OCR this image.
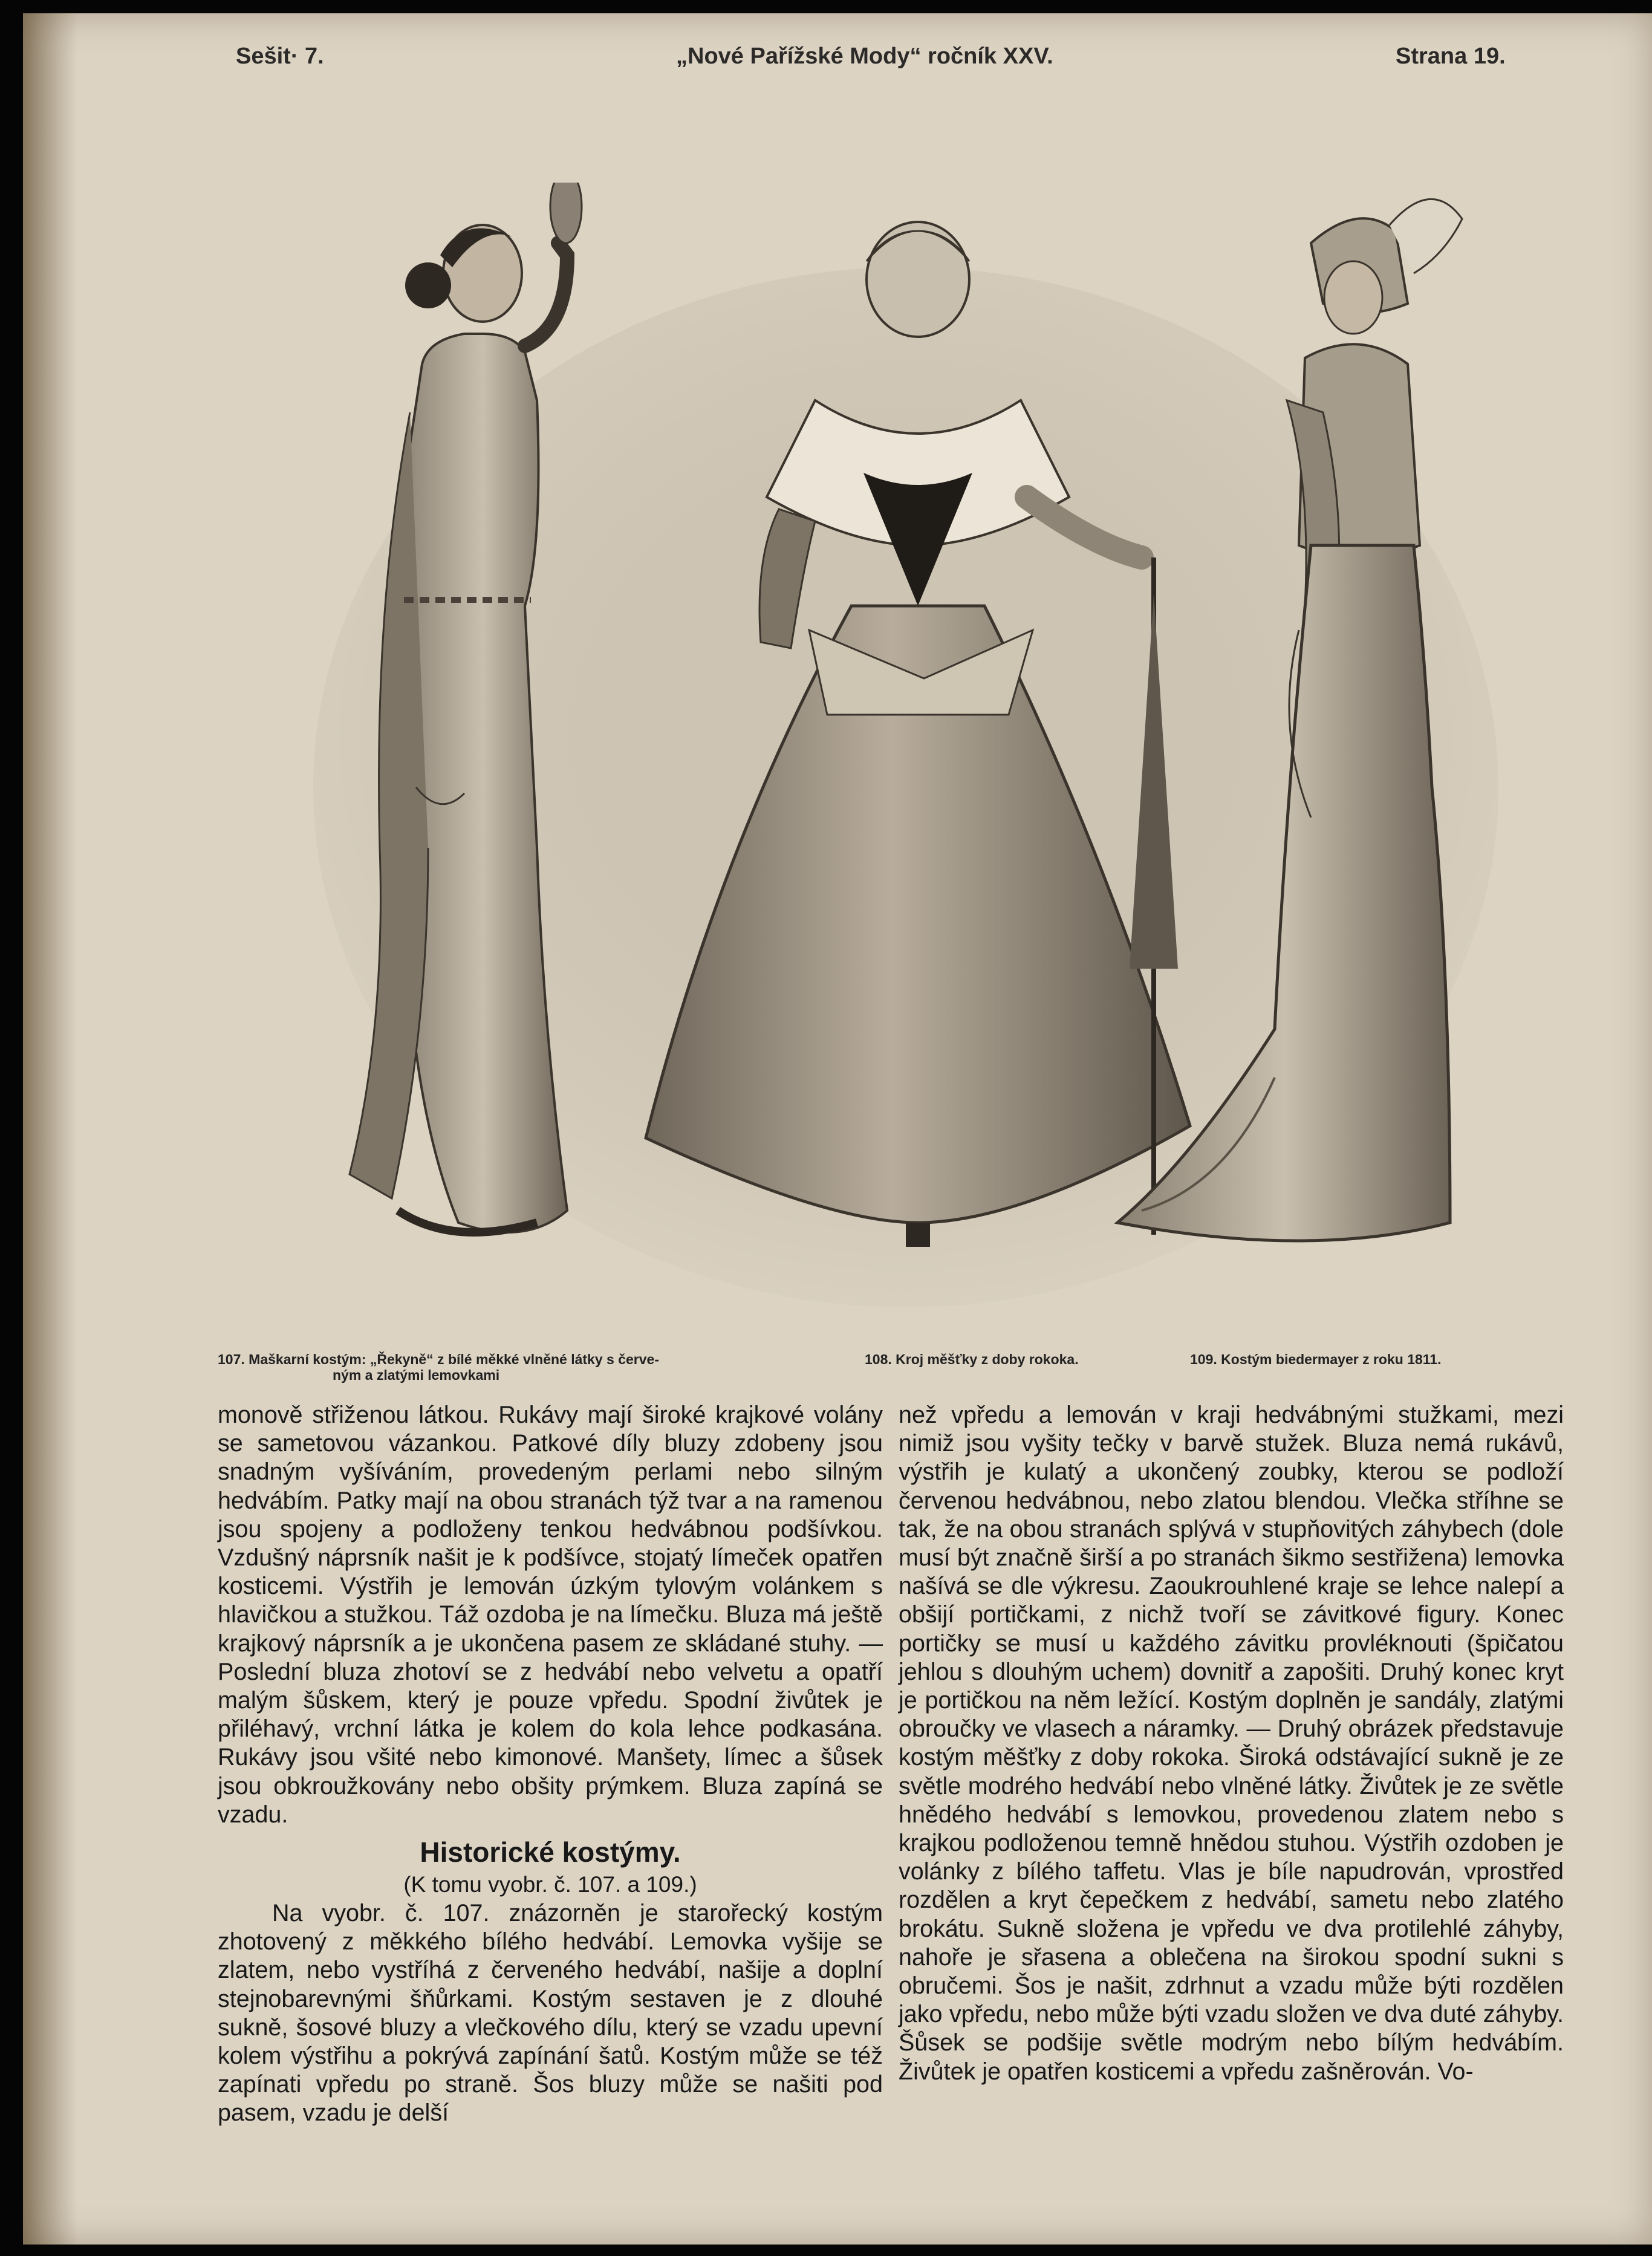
Sešit· 7.	„Nové Pařížské Mody“ ročník XXV.	Strana 19.
107. Maškarní kostým: „Řekyně“ z bílé měkké vlněné látky s červe-
ným a zlatými lemovkami
108. Kroj měšťky z doby rokoka.	109. Kostým biedermayer z roku 1811.

monově střiženou látkou. Rukávy mají široké krajkové volány se sametovou vázankou. Patkové díly bluzy zdobeny jsou snadným vyšíváním, provedeným perlami nebo silným hedvábím. Patky mají na obou stranách týž tvar a na ramenou jsou spojeny a podloženy tenkou hedvábnou podšívkou. Vzdušný náprsník našit je k podšívce, stojatý límeček opatřen kosticemi. Výstřih je lemován úzkým tylovým volánkem s hlavičkou a stužkou. Táž ozdoba je na límečku. Bluza má ještě krajkový náprsník a je ukončena pasem ze skládané stuhy. — Poslední bluza zhotoví se z hedvábí nebo velvetu a opatří malým šůskem, který je pouze vpředu. Spodní živůtek je přiléhavý, vrchní látka je kolem do kola lehce podkasána. Rukávy jsou všité nebo kimonové. Manšety, límec a šůsek jsou obkroužkovány nebo obšity prýmkem. Bluza zapíná se vzadu.

Historické kostýmy.
(K tomu vyobr. č. 107. a 109.)

Na vyobr. č. 107. znázorněn je starořecký kostým zhotovený z měkkého bílého hedvábí. Lemovka vyšije se zlatem, nebo vystříhá z červeného hedvábí, našije a doplní stejnobarevnými šňůrkami. Kostým sestaven je z dlouhé sukně, šosové bluzy a vlečkového dílu, který se vzadu upevní kolem výstřihu a pokrývá zapínání šatů. Kostým může se též zapínati vpředu po straně. Šos bluzy může se našiti pod pasem, vzadu je delší

než vpředu a lemován v kraji hedvábnými stužkami, mezi nimiž jsou vyšity tečky v barvě stužek. Bluza nemá rukávů, výstřih je kulatý a ukončený zoubky, kterou se podloží červenou hedvábnou, nebo zlatou blendou. Vlečka stříhne se tak, že na obou stranách splývá v stupňovitých záhybech (dole musí být značně širší a po stranách šikmo sestřižena) lemovka našívá se dle výkresu. Zaoukrouhlené kraje se lehce nalepí a obšijí portičkami, z nichž tvoří se závitkové figury. Konec portičky se musí u každého závitku provléknouti (špičatou jehlou s dlouhým uchem) dovnitř a zapošiti. Druhý konec kryt je portičkou na něm ležící. Kostým doplněn je sandály, zlatými obroučky ve vlasech a náramky. — Druhý obrázek představuje kostým měšťky z doby rokoka. Široká odstávající sukně je ze světle modrého hedvábí nebo vlněné látky. Živůtek je ze světle hnědého hedvábí s lemovkou, provedenou zlatem nebo s krajkou podloženou temně hnědou stuhou. Výstřih ozdoben je volánky z bílého taffetu. Vlas je bíle napudrován, vprostřed rozdělen a kryt čepečkem z hedvábí, sametu nebo zlatého brokátu. Sukně složena je vpředu ve dva protilehlé záhyby, nahoře je sřasena a oblečena na širokou spodní sukni s obručemi. Šos je našit, zdrhnut a vzadu může býti rozdělen jako vpředu, nebo může býti vzadu složen ve dva duté záhyby. Šůsek se podšije světle modrým nebo bílým hedvábím. Živůtek je opatřen kosticemi a vpředu zašněrován. Vo-
